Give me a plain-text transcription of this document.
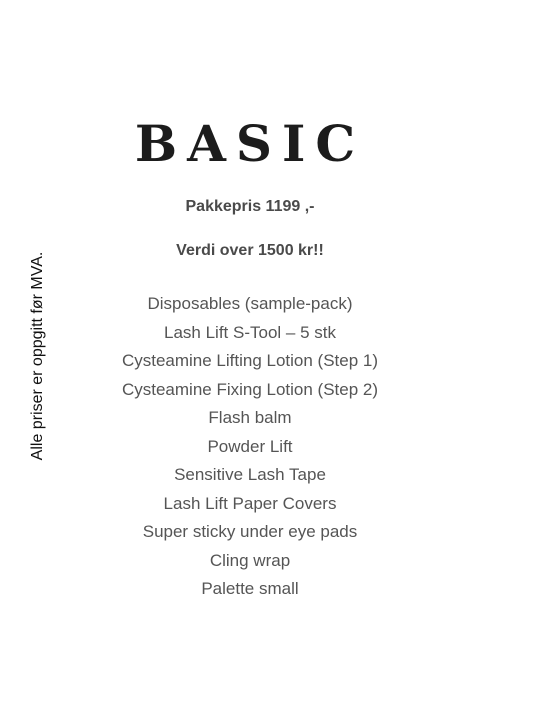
BASIC
Pakkepris 1199 ,-
Verdi over 1500 kr!!
Disposables (sample-pack)
Lash Lift S-Tool – 5 stk
Cysteamine Lifting Lotion (Step 1)
Cysteamine Fixing Lotion (Step 2)
Flash balm
Powder Lift
Sensitive Lash Tape
Lash Lift Paper Covers
Super sticky under eye pads
Cling wrap
Palette small
Alle priser er oppgitt før MVA.
